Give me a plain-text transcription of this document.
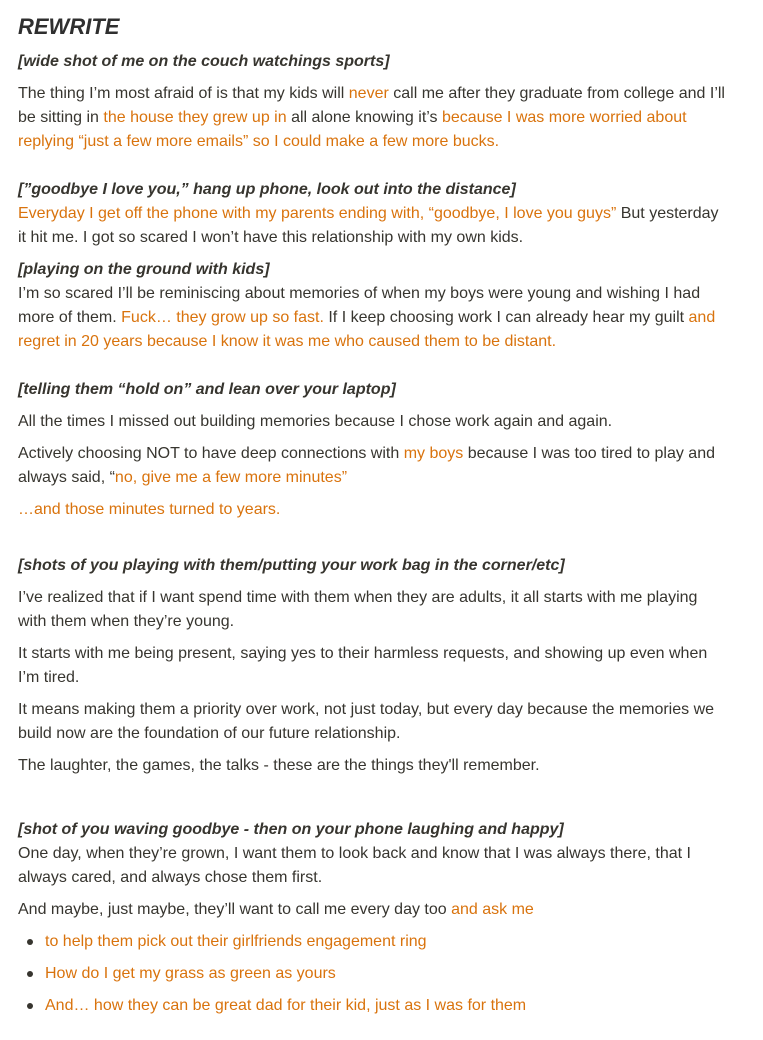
REWRITE

[wide shot of me on the couch watchings sports]

The thing I’m most afraid of is that my kids will never call me after they graduate from college and I’ll be sitting in the house they grew up in all alone knowing it’s because I was more worried about replying “just a few more emails” so I could make a few more bucks.

[”goodbye I love you,” hang up phone, look out into the distance]

Everyday I get off the phone with my parents ending with, “goodbye, I love you guys” But yesterday it hit me. I got so scared I won’t have this relationship with my own kids.

[playing on the ground with kids]

I’m so scared I’ll be reminiscing about memories of when my boys were young and wishing I had more of them. Fuck… they grow up so fast. If I keep choosing work I can already hear my guilt and regret in 20 years because I know it was me who caused them to be distant.

[telling them “hold on” and lean over your laptop]

All the times I missed out building memories because I chose work again and again.

Actively choosing NOT to have deep connections with my boys because I was too tired to play and always said, “no, give me a few more minutes”

…and those minutes turned to years.

[shots of you playing with them/putting your work bag in the corner/etc]

I’ve realized that if I want spend time with them when they are adults, it all starts with me playing with them when they’re young.

It starts with me being present, saying yes to their harmless requests, and showing up even when I’m tired.

It means making them a priority over work, not just today, but every day because the memories we build now are the foundation of our future relationship.

The laughter, the games, the talks - these are the things they'll remember.

[shot of you waving goodbye - then on your phone laughing and happy]

One day, when they’re grown, I want them to look back and know that I was always there, that I always cared, and always chose them first.

And maybe, just maybe, they’ll want to call me every day too and ask me

to help them pick out their girlfriends engagement ring
How do I get my grass as green as yours
And… how they can be great dad for their kid, just as I was for them
